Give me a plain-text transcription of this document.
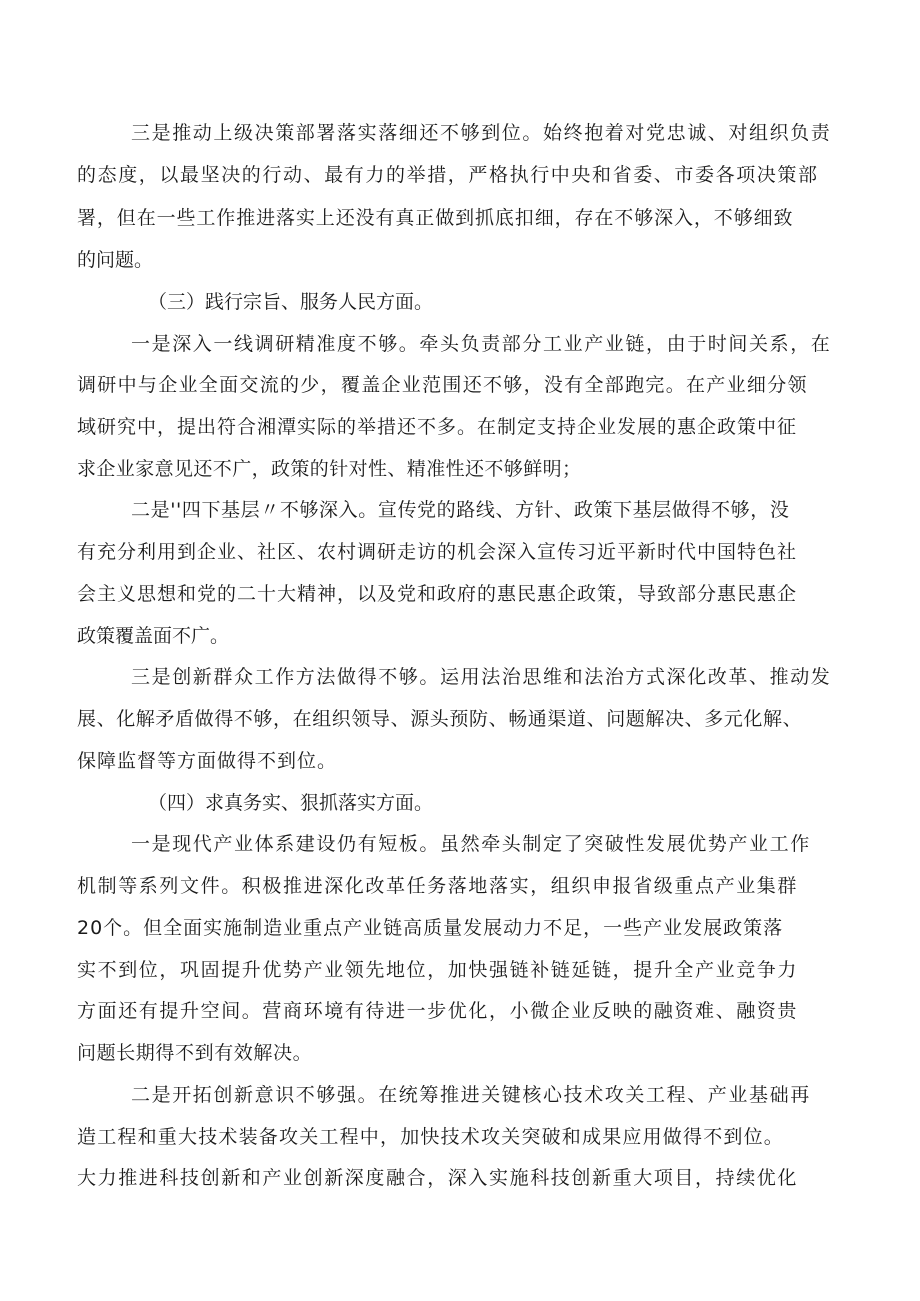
三是推动上级决策部署落实落细还不够到位。始终抱着对党忠诚、对组织负责
的态度，以最坚决的行动、最有力的举措，严格执行中央和省委、市委各项决策部
署，但在一些工作推进落实上还没有真正做到抓底扣细，存在不够深入，不够细致
的问题。
（三）践行宗旨、服务人民方面。
一是深入一线调研精准度不够。牵头负责部分工业产业链，由于时间关系，在
调研中与企业全面交流的少，覆盖企业范围还不够，没有全部跑完。在产业细分领
域研究中，提出符合湘潭实际的举措还不多。在制定支持企业发展的惠企政策中征
求企业家意见还不广，政策的针对性、精准性还不够鲜明；
二是''四下基层〃不够深入。宣传党的路线、方针、政策下基层做得不够，没
有充分利用到企业、社区、农村调研走访的机会深入宣传习近平新时代中国特色社
会主义思想和党的二十大精神，以及党和政府的惠民惠企政策，导致部分惠民惠企
政策覆盖面不广。
三是创新群众工作方法做得不够。运用法治思维和法治方式深化改革、推动发
展、化解矛盾做得不够，在组织领导、源头预防、畅通渠道、问题解决、多元化解、
保障监督等方面做得不到位。
（四）求真务实、狠抓落实方面。
一是现代产业体系建设仍有短板。虽然牵头制定了突破性发展优势产业工作
机制等系列文件。积极推进深化改革任务落地落实，组织申报省级重点产业集群
20个。但全面实施制造业重点产业链高质量发展动力不足，一些产业发展政策落
实不到位，巩固提升优势产业领先地位，加快强链补链延链，提升全产业竞争力
方面还有提升空间。营商环境有待进一步优化，小微企业反映的融资难、融资贵
问题长期得不到有效解决。
二是开拓创新意识不够强。在统筹推进关键核心技术攻关工程、产业基础再
造工程和重大技术装备攻关工程中，加快技术攻关突破和成果应用做得不到位。
大力推进科技创新和产业创新深度融合，深入实施科技创新重大项目，持续优化
